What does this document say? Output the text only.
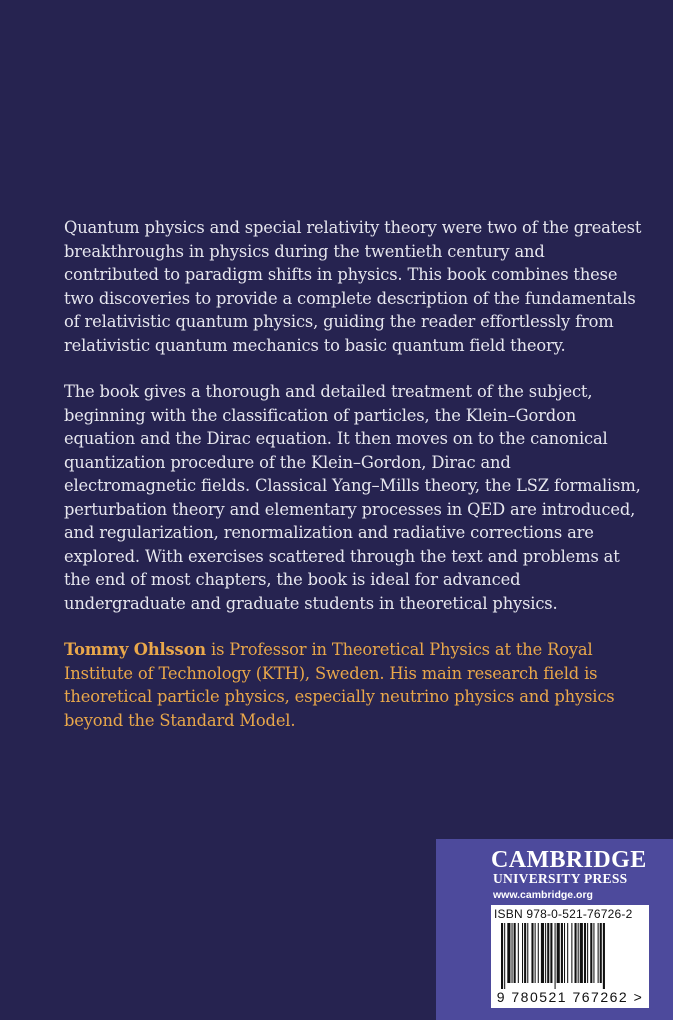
Quantum physics and special relativity theory were two of the greatest breakthroughs in physics during the twentieth century and contributed to paradigm shifts in physics. This book combines these two discoveries to provide a complete description of the fundamentals of relativistic quantum physics, guiding the reader effortlessly from relativistic quantum mechanics to basic quantum field theory.

The book gives a thorough and detailed treatment of the subject, beginning with the classification of particles, the Klein–Gordon equation and the Dirac equation. It then moves on to the canonical quantization procedure of the Klein–Gordon, Dirac and electromagnetic fields. Classical Yang–Mills theory, the LSZ formalism, perturbation theory and elementary processes in QED are introduced, and regularization, renormalization and radiative corrections are explored. With exercises scattered through the text and problems at the end of most chapters, the book is ideal for advanced undergraduate and graduate students in theoretical physics.

Tommy Ohlsson is Professor in Theoretical Physics at the Royal Institute of Technology (KTH), Sweden. His main research field is theoretical particle physics, especially neutrino physics and physics beyond the Standard Model.

CAMBRIDGE
UNIVERSITY PRESS
www.cambridge.org
ISBN 978-0-521-76726-2
9 780521 767262 >
